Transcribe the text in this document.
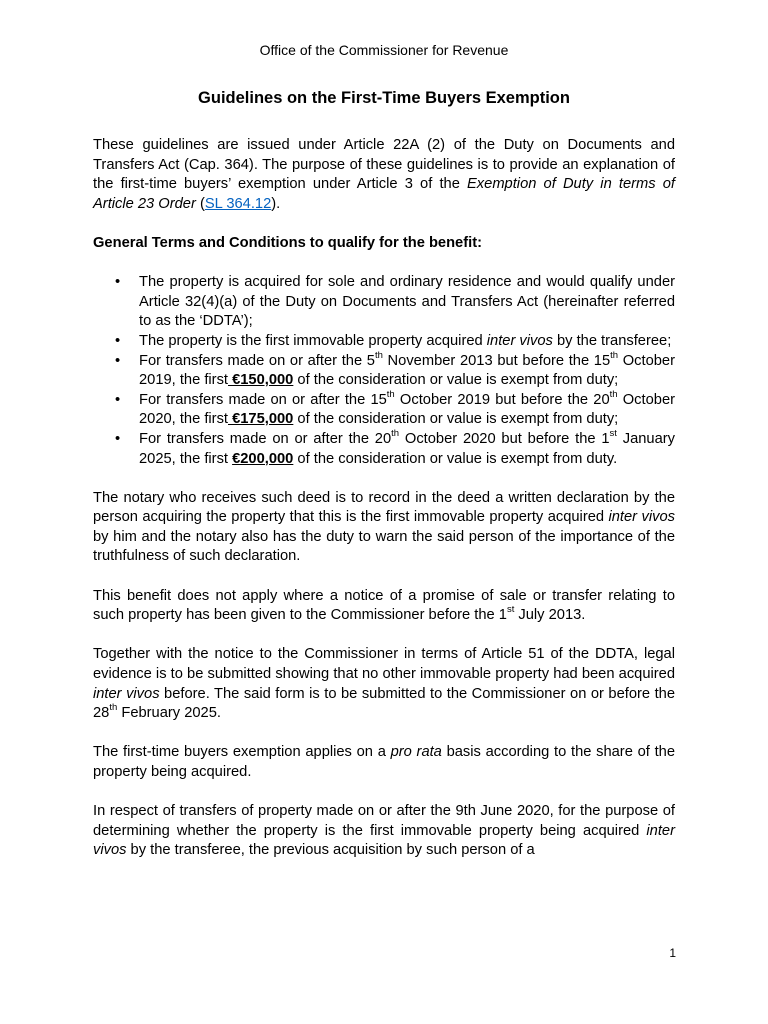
Office of the Commissioner for Revenue
Guidelines on the First-Time Buyers Exemption

These guidelines are issued under Article 22A (2) of the Duty on Documents and Transfers Act (Cap. 364). The purpose of these guidelines is to provide an explanation of the first-time buyers’ exemption under Article 3 of the Exemption of Duty in terms of Article 23 Order (SL 364.12).

General Terms and Conditions to qualify for the benefit:

• The property is acquired for sole and ordinary residence and would qualify under Article 32(4)(a) of the Duty on Documents and Transfers Act (hereinafter referred to as the ‘DDTA’);
• The property is the first immovable property acquired inter vivos by the transferee;
• For transfers made on or after the 5th November 2013 but before the 15th October 2019, the first €150,000 of the consideration or value is exempt from duty;
• For transfers made on or after the 15th October 2019 but before the 20th October 2020, the first €175,000 of the consideration or value is exempt from duty;
• For transfers made on or after the 20th October 2020 but before the 1st January 2025, the first €200,000 of the consideration or value is exempt from duty.

The notary who receives such deed is to record in the deed a written declaration by the person acquiring the property that this is the first immovable property acquired inter vivos by him and the notary also has the duty to warn the said person of the importance of the truthfulness of such declaration.

This benefit does not apply where a notice of a promise of sale or transfer relating to such property has been given to the Commissioner before the 1st July 2013.

Together with the notice to the Commissioner in terms of Article 51 of the DDTA, legal evidence is to be submitted showing that no other immovable property had been acquired inter vivos before. The said form is to be submitted to the Commissioner on or before the 28th February 2025.

The first-time buyers exemption applies on a pro rata basis according to the share of the property being acquired.

In respect of transfers of property made on or after the 9th June 2020, for the purpose of determining whether the property is the first immovable property being acquired inter vivos by the transferee, the previous acquisition by such person of a

1
